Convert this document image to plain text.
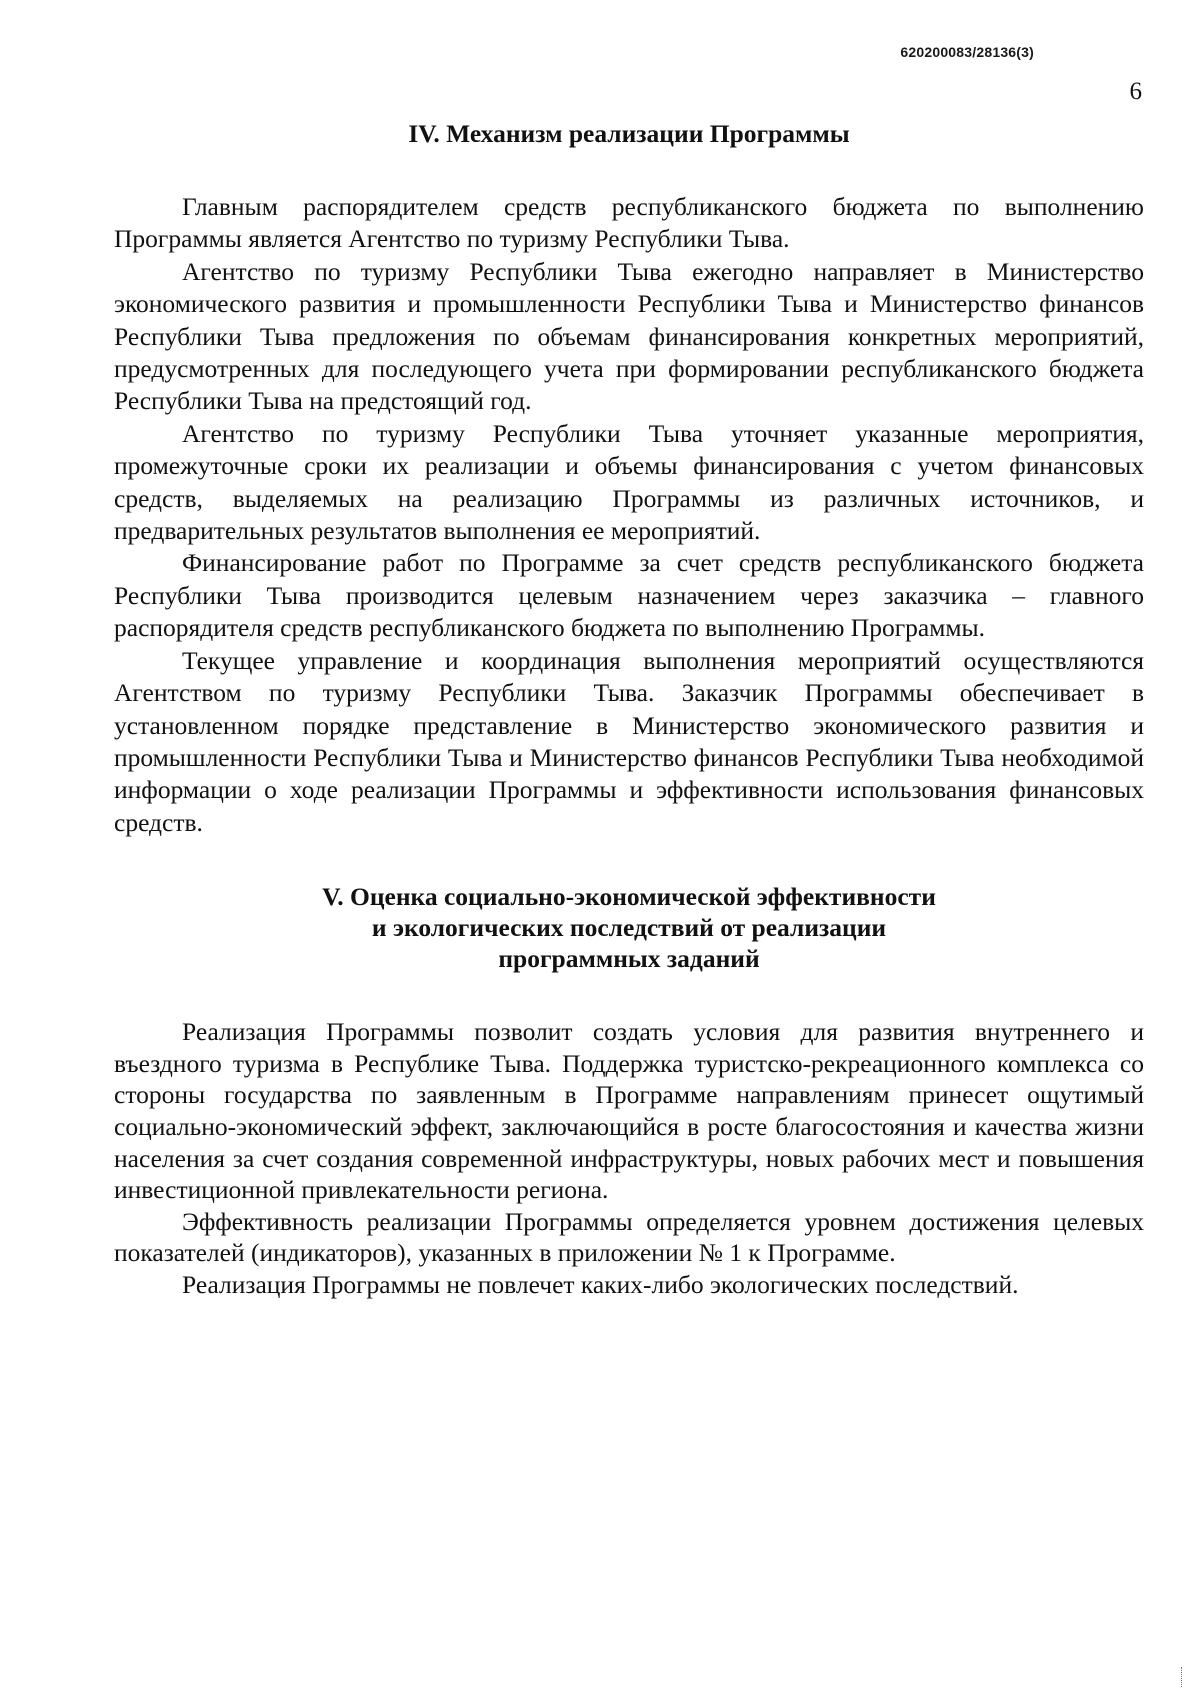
620200083/28136(3)
6
IV. Механизм реализации Программы

Главным распорядителем средств республиканского бюджета по выполнению Программы является Агентство по туризму Республики Тыва.

Агентство по туризму Республики Тыва ежегодно направляет в Министерство экономического развития и промышленности Республики Тыва и Министерство финансов Республики Тыва предложения по объемам финансирования конкретных мероприятий, предусмотренных для последующего учета при формировании республиканского бюджета Республики Тыва на предстоящий год.

Агентство по туризму Республики Тыва уточняет указанные мероприятия, промежуточные сроки их реализации и объемы финансирования с учетом финансовых средств, выделяемых на реализацию Программы из различных источников, и предварительных результатов выполнения ее мероприятий.

Финансирование работ по Программе за счет средств республиканского бюджета Республики Тыва производится целевым назначением через заказчика – главного распорядителя средств республиканского бюджета по выполнению Программы.

Текущее управление и координация выполнения мероприятий осуществляются Агентством по туризму Республики Тыва. Заказчик Программы обеспечивает в установленном порядке представление в Министерство экономического развития и промышленности Республики Тыва и Министерство финансов Республики Тыва необходимой информации о ходе реализации Программы и эффективности использования финансовых средств.

V. Оценка социально-экономической эффективности
и экологических последствий от реализации
программных заданий

Реализация Программы позволит создать условия для развития внутреннего и въездного туризма в Республике Тыва. Поддержка туристско-рекреационного комплекса со стороны государства по заявленным в Программе направлениям принесет ощутимый социально-экономический эффект, заключающийся в росте благосостояния и качества жизни населения за счет создания современной инфраструктуры, новых рабочих мест и повышения инвестиционной привлекательности региона.

Эффективность реализации Программы определяется уровнем достижения целевых показателей (индикаторов), указанных в приложении № 1 к Программе.

Реализация Программы не повлечет каких-либо экологических последствий.
